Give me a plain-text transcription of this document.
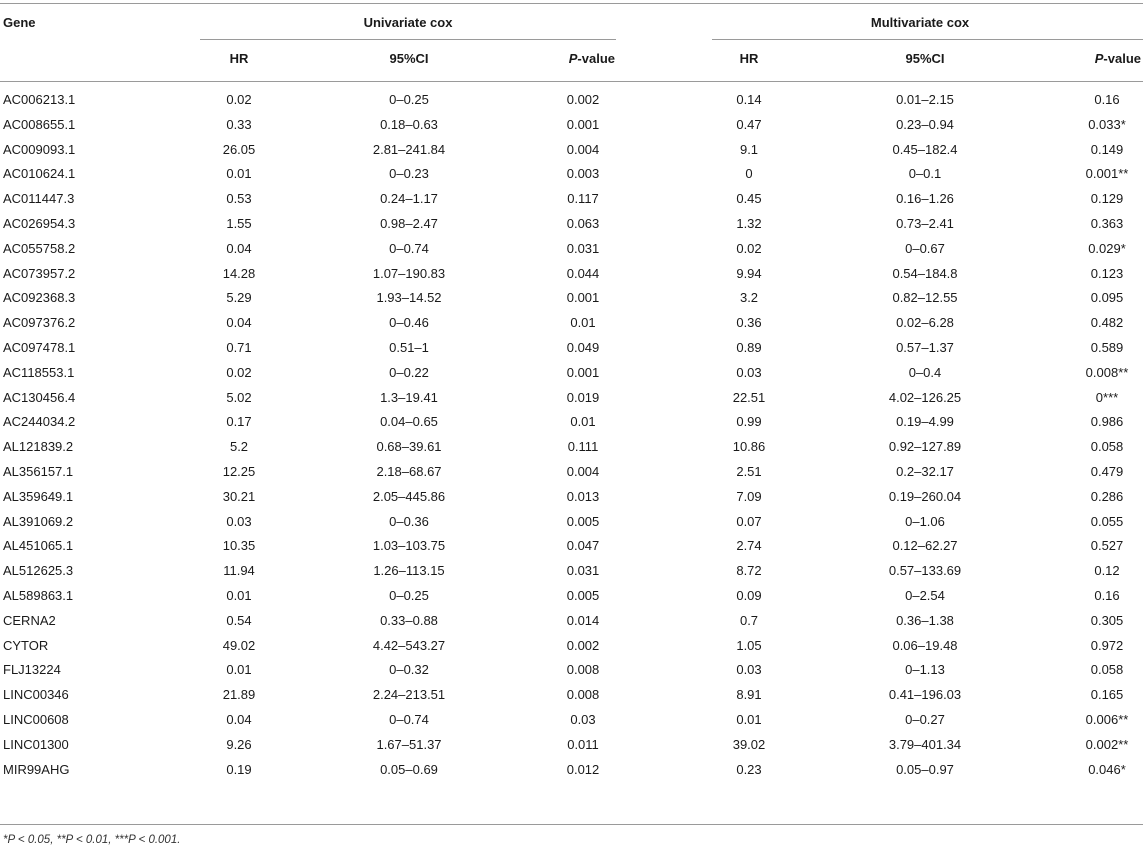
Gene	Univariate cox	Multivariate cox
HR	95%CI	P-value	HR	95%CI	P-value
AC006213.1	0.02	0–0.25	0.002	0.14	0.01–2.15	0.16
AC008655.1	0.33	0.18–0.63	0.001	0.47	0.23–0.94	0.033*
AC009093.1	26.05	2.81–241.84	0.004	9.1	0.45–182.4	0.149
AC010624.1	0.01	0–0.23	0.003	0	0–0.1	0.001**
AC011447.3	0.53	0.24–1.17	0.117	0.45	0.16–1.26	0.129
AC026954.3	1.55	0.98–2.47	0.063	1.32	0.73–2.41	0.363
AC055758.2	0.04	0–0.74	0.031	0.02	0–0.67	0.029*
AC073957.2	14.28	1.07–190.83	0.044	9.94	0.54–184.8	0.123
AC092368.3	5.29	1.93–14.52	0.001	3.2	0.82–12.55	0.095
AC097376.2	0.04	0–0.46	0.01	0.36	0.02–6.28	0.482
AC097478.1	0.71	0.51–1	0.049	0.89	0.57–1.37	0.589
AC118553.1	0.02	0–0.22	0.001	0.03	0–0.4	0.008**
AC130456.4	5.02	1.3–19.41	0.019	22.51	4.02–126.25	0***
AC244034.2	0.17	0.04–0.65	0.01	0.99	0.19–4.99	0.986
AL121839.2	5.2	0.68–39.61	0.111	10.86	0.92–127.89	0.058
AL356157.1	12.25	2.18–68.67	0.004	2.51	0.2–32.17	0.479
AL359649.1	30.21	2.05–445.86	0.013	7.09	0.19–260.04	0.286
AL391069.2	0.03	0–0.36	0.005	0.07	0–1.06	0.055
AL451065.1	10.35	1.03–103.75	0.047	2.74	0.12–62.27	0.527
AL512625.3	11.94	1.26–113.15	0.031	8.72	0.57–133.69	0.12
AL589863.1	0.01	0–0.25	0.005	0.09	0–2.54	0.16
CERNA2	0.54	0.33–0.88	0.014	0.7	0.36–1.38	0.305
CYTOR	49.02	4.42–543.27	0.002	1.05	0.06–19.48	0.972
FLJ13224	0.01	0–0.32	0.008	0.03	0–1.13	0.058
LINC00346	21.89	2.24–213.51	0.008	8.91	0.41–196.03	0.165
LINC00608	0.04	0–0.74	0.03	0.01	0–0.27	0.006**
LINC01300	9.26	1.67–51.37	0.011	39.02	3.79–401.34	0.002**
MIR99AHG	0.19	0.05–0.69	0.012	0.23	0.05–0.97	0.046*
*P < 0.05, **P < 0.01, ***P < 0.001.
